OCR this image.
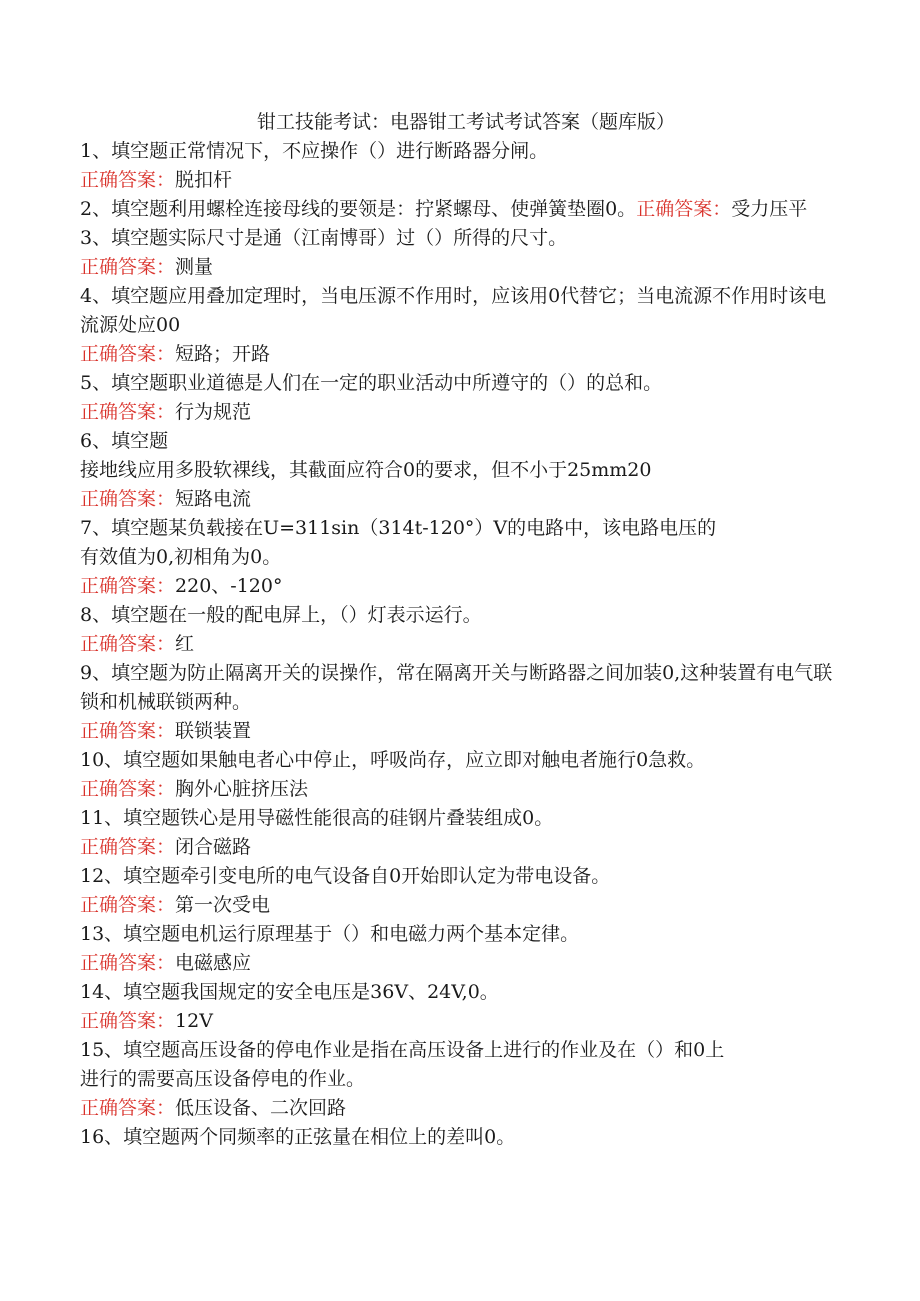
钳工技能考试：电器钳工考试考试答案（题库版）

1、填空题正常情况下，不应操作（）进行断路器分闸。

正确答案：脱扣杆

2、填空题利用螺栓连接母线的要领是：拧紧螺母、使弹簧垫圈0。正确答案：受力压平

3、填空题实际尺寸是通（江南博哥）过（）所得的尺寸。

正确答案：测量

4、填空题应用叠加定理时，当电压源不作用时，应该用0代替它；当电流源不作用时该电流源处应00

正确答案：短路；开路

5、填空题职业道德是人们在一定的职业活动中所遵守的（）的总和。

正确答案：行为规范

6、填空题

接地线应用多股软裸线，其截面应符合0的要求，但不小于25mm20

正确答案：短路电流

7、填空题某负载接在U=311sin（314t-120°）V的电路中，该电路电压的

有效值为0,初相角为0。

正确答案：220、-120°

8、填空题在一般的配电屏上，（）灯表示运行。

正确答案：红

9、填空题为防止隔离开关的误操作，常在隔离开关与断路器之间加装0,这种装置有电气联锁和机械联锁两种。

正确答案：联锁装置

10、填空题如果触电者心中停止，呼吸尚存，应立即对触电者施行0急救。

正确答案：胸外心脏挤压法

11、填空题铁心是用导磁性能很高的硅钢片叠装组成0。

正确答案：闭合磁路

12、填空题牵引变电所的电气设备自0开始即认定为带电设备。

正确答案：第一次受电

13、填空题电机运行原理基于（）和电磁力两个基本定律。

正确答案：电磁感应

14、填空题我国规定的安全电压是36V、24V,0。

正确答案：12V

15、填空题高压设备的停电作业是指在高压设备上进行的作业及在（）和0上

进行的需要高压设备停电的作业。

正确答案：低压设备、二次回路

16、填空题两个同频率的正弦量在相位上的差叫0。
